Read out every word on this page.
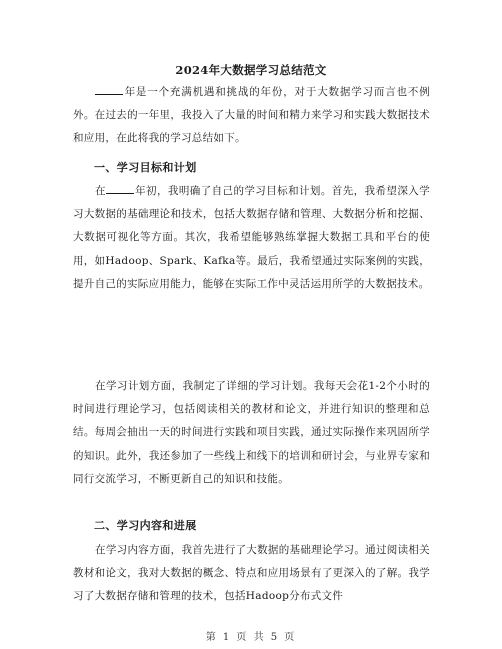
2024年大数据学习总结范文

年是一个充满机遇和挑战的年份，对于大数据学习而言也不例外。在过去的一年里，我投入了大量的时间和精力来学习和实践大数据技术和应用，在此将我的学习总结如下。

一、学习目标和计划

在	年初，我明确了自己的学习目标和计划。首先，我希望深入学习大数据的基础理论和技术，包括大数据存储和管理、大数据分析和挖掘、大数据可视化等方面。其次，我希望能够熟练掌握大数据工具和平台的使用，如Hadoop、Spark、Kafka等。最后，我希望通过实际案例的实践，提升自己的实际应用能力，能够在实际工作中灵活运用所学的大数据技术。

在学习计划方面，我制定了详细的学习计划。我每天会花1-2个小时的时间进行理论学习，包括阅读相关的教材和论文，并进行知识的整理和总结。每周会抽出一天的时间进行实践和项目实践，通过实际操作来巩固所学的知识。此外，我还参加了一些线上和线下的培训和研讨会，与业界专家和同行交流学习，不断更新自己的知识和技能。

二、学习内容和进展

在学习内容方面，我首先进行了大数据的基础理论学习。通过阅读相关教材和论文，我对大数据的概念、特点和应用场景有了更深入的了解。我学习了大数据存储和管理的技术，包括Hadoop分布式文件

第 1 页 共 5 页
